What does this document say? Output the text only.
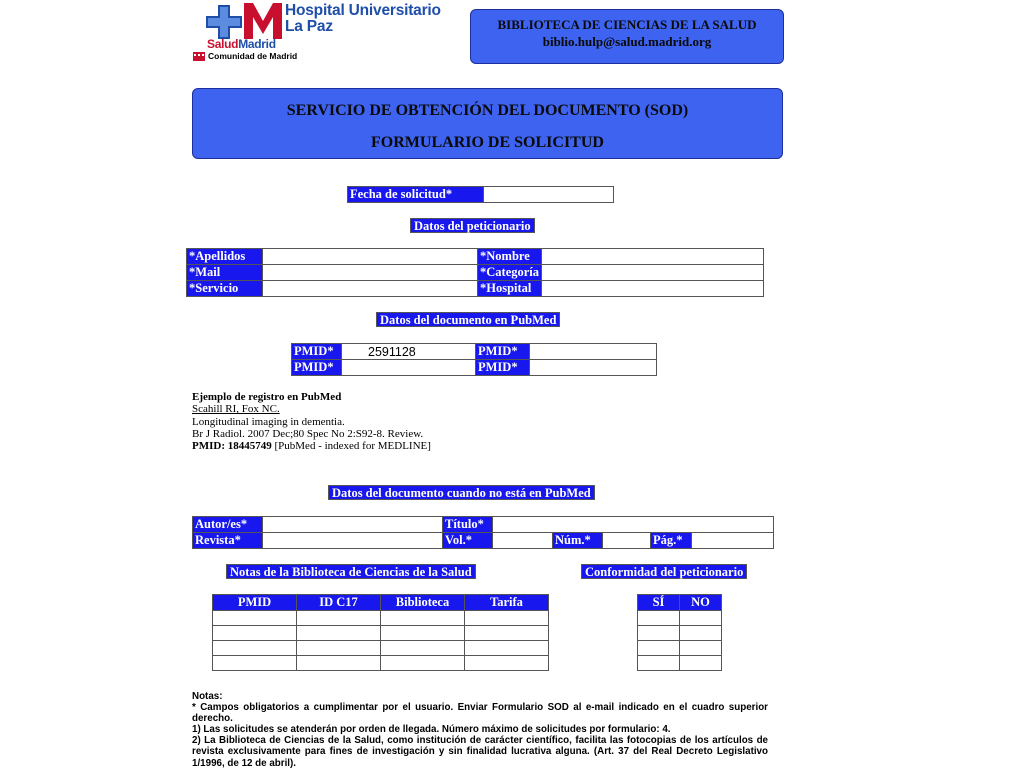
Hospital Universitario
La Paz
SaludMadrid
Comunidad de Madrid
BIBLIOTECA DE CIENCIAS DE LA SALUD
biblio.hulp@salud.madrid.org
SERVICIO DE OBTENCIÓN DEL DOCUMENTO (SOD)
FORMULARIO DE SOLICITUD
Fecha de solicitud*	
Datos del peticionario
*Apellidos		*Nombre	
*Mail		*Categoría	
*Servicio		*Hospital	
Datos del documento en PubMed
PMID*	2591128	PMID*	
PMID*		PMID*	
Ejemplo de registro en PubMed
Scahill RI, Fox NC.
Longitudinal imaging in dementia.
Br J Radiol. 2007 Dec;80 Spec No 2:S92-8. Review.
PMID: 18445749 [PubMed - indexed for MEDLINE]
Datos del documento cuando no está en PubMed
Autor/es*		Título*					
Revista*		Vol.*		Núm.*		Pág.*	
Notas de la Biblioteca de Ciencias de la Salud
PMID	ID C17	Biblioteca	Tarifa

Conformidad del peticionario
SÍ	NO

Notas:
* Campos obligatorios a cumplimentar por el usuario. Enviar Formulario SOD al e-mail indicado en el cuadro superior derecho.
1) Las solicitudes se atenderán por orden de llegada. Número máximo de solicitudes por formulario: 4.
2) La Biblioteca de Ciencias de la Salud, como institución de carácter científico, facilita las fotocopias de los artículos de revista exclusivamente para fines de investigación y sin finalidad lucrativa alguna. (Art. 37 del Real Decreto Legislativo 1/1996, de 12 de abril).
